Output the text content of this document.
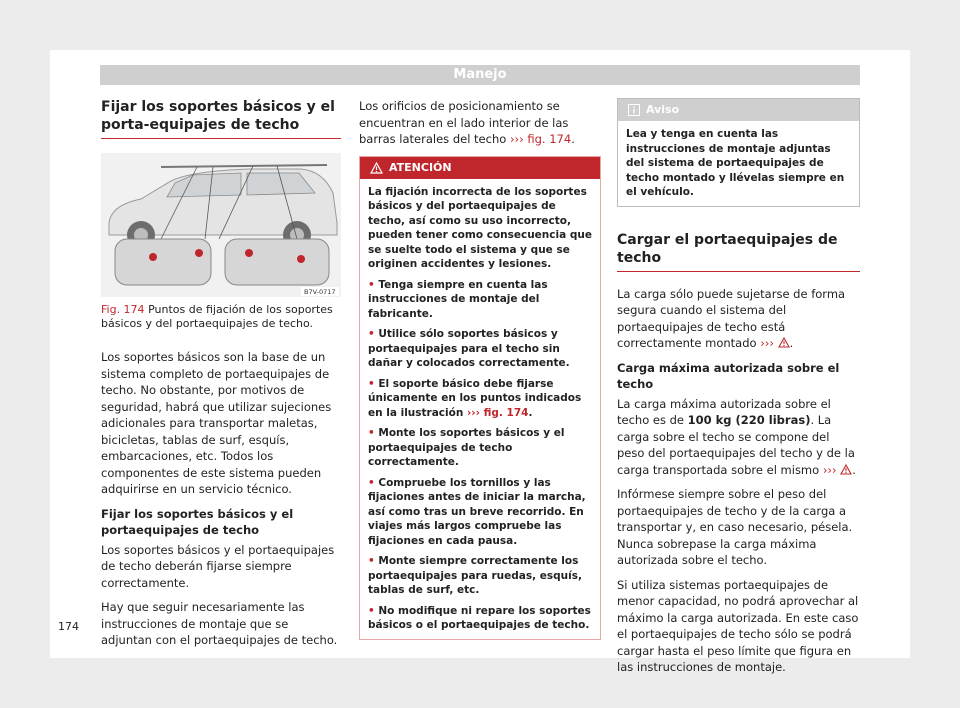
Manejo
Fijar los soportes básicos y el porta-equipajes de techo
B7V-0717
Fig. 174 Puntos de fijación de los soportes básicos y del portaequipajes de techo.

Los soportes básicos son la base de un sistema completo de portaequipajes de techo. No obstante, por motivos de seguridad, habrá que utilizar sujeciones adicionales para transportar maletas, bicicletas, tablas de surf, esquís, embarcaciones, etc. Todos los componentes de este sistema pueden adquirirse en un servicio técnico.

Fijar los soportes básicos y el portaequipajes de techo

Los soportes básicos y el portaequipajes de techo deberán fijarse siempre correctamente.

Hay que seguir necesariamente las instrucciones de montaje que se adjuntan con el portaequipajes de techo.

Los orificios de posicionamiento se encuentran en el lado interior de las barras laterales del techo ››› fig. 174.

ATENCIÓN

La fijación incorrecta de los soportes básicos y del portaequipajes de techo, así como su uso incorrecto, pueden tener como consecuencia que se suelte todo el sistema y que se originen accidentes y lesiones.

• Tenga siempre en cuenta las instrucciones de montaje del fabricante.

• Utilice sólo soportes básicos y portaequipajes para el techo sin dañar y colocados correctamente.

• El soporte básico debe fijarse únicamente en los puntos indicados en la ilustración ››› fig. 174.

• Monte los soportes básicos y el portaequipajes de techo correctamente.

• Compruebe los tornillos y las fijaciones antes de iniciar la marcha, así como tras un breve recorrido. En viajes más largos compruebe las fijaciones en cada pausa.

• Monte siempre correctamente los portaequipajes para ruedas, esquís, tablas de surf, etc.

• No modifique ni repare los soportes básicos o el portaequipajes de techo.

Aviso
Lea y tenga en cuenta las instrucciones de montaje adjuntas del sistema de portaequipajes de techo montado y llévelas siempre en el vehículo.
Cargar el portaequipajes de techo

La carga sólo puede sujetarse de forma segura cuando el sistema del portaequipajes de techo está correctamente montado ››› .

Carga máxima autorizada sobre el techo

La carga máxima autorizada sobre el techo es de 100 kg (220 libras). La carga sobre el techo se compone del peso del portaequipajes del techo y de la carga transportada sobre el mismo ››› .

Infórmese siempre sobre el peso del portaequipajes de techo y de la carga a transportar y, en caso necesario, pésela. Nunca sobrepase la carga máxima autorizada sobre el techo.

Si utiliza sistemas portaequipajes de menor capacidad, no podrá aprovechar al máximo la carga autorizada. En este caso el portaequipajes de techo sólo se podrá cargar hasta el peso límite que figura en las instrucciones de montaje.

174
